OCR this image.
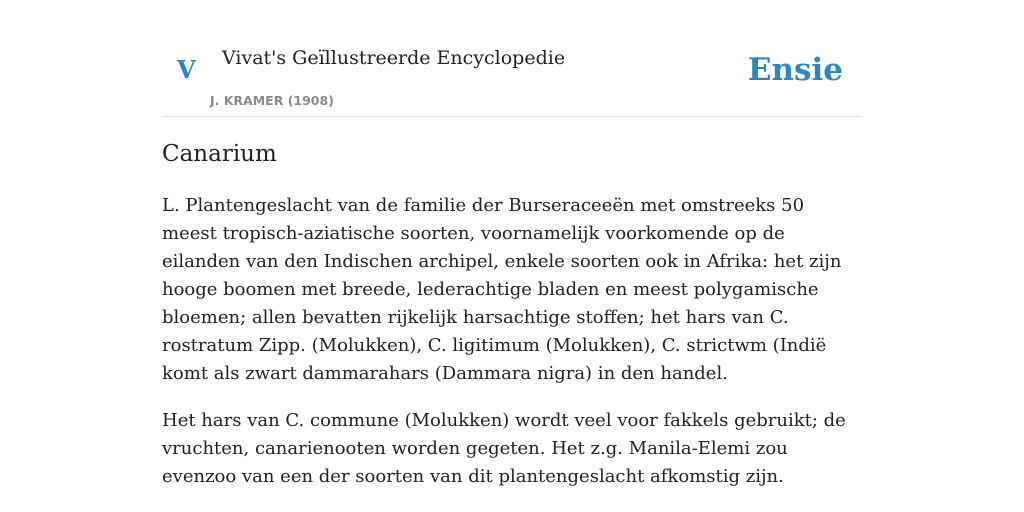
V Vivat's Geïllustreerde Encyclopedie
J. KRAMER (1908)
Ensie
Canarium

L. Plantengeslacht van de familie der Burseraceeën met omstreeks 50 meest tropisch-aziatische soorten, voornamelijk voorkomende op de eilanden van den Indischen archipel, enkele soorten ook in Afrika: het zijn hooge boomen met breede, lederachtige bladen en meest polygamische bloemen; allen bevatten rijkelijk harsachtige stoffen; het hars van C. rostratum Zipp. (Molukken), C. ligitimum (Molukken), C. strictwm (Indië komt als zwart dammarahars (Dammara nigra) in den handel.

Het hars van C. commune (Molukken) wordt veel voor fakkels gebruikt; de vruchten, canarienooten worden gegeten. Het z.g. Manila-Elemi zou evenzoo van een der soorten van dit plantengeslacht afkomstig zijn.
